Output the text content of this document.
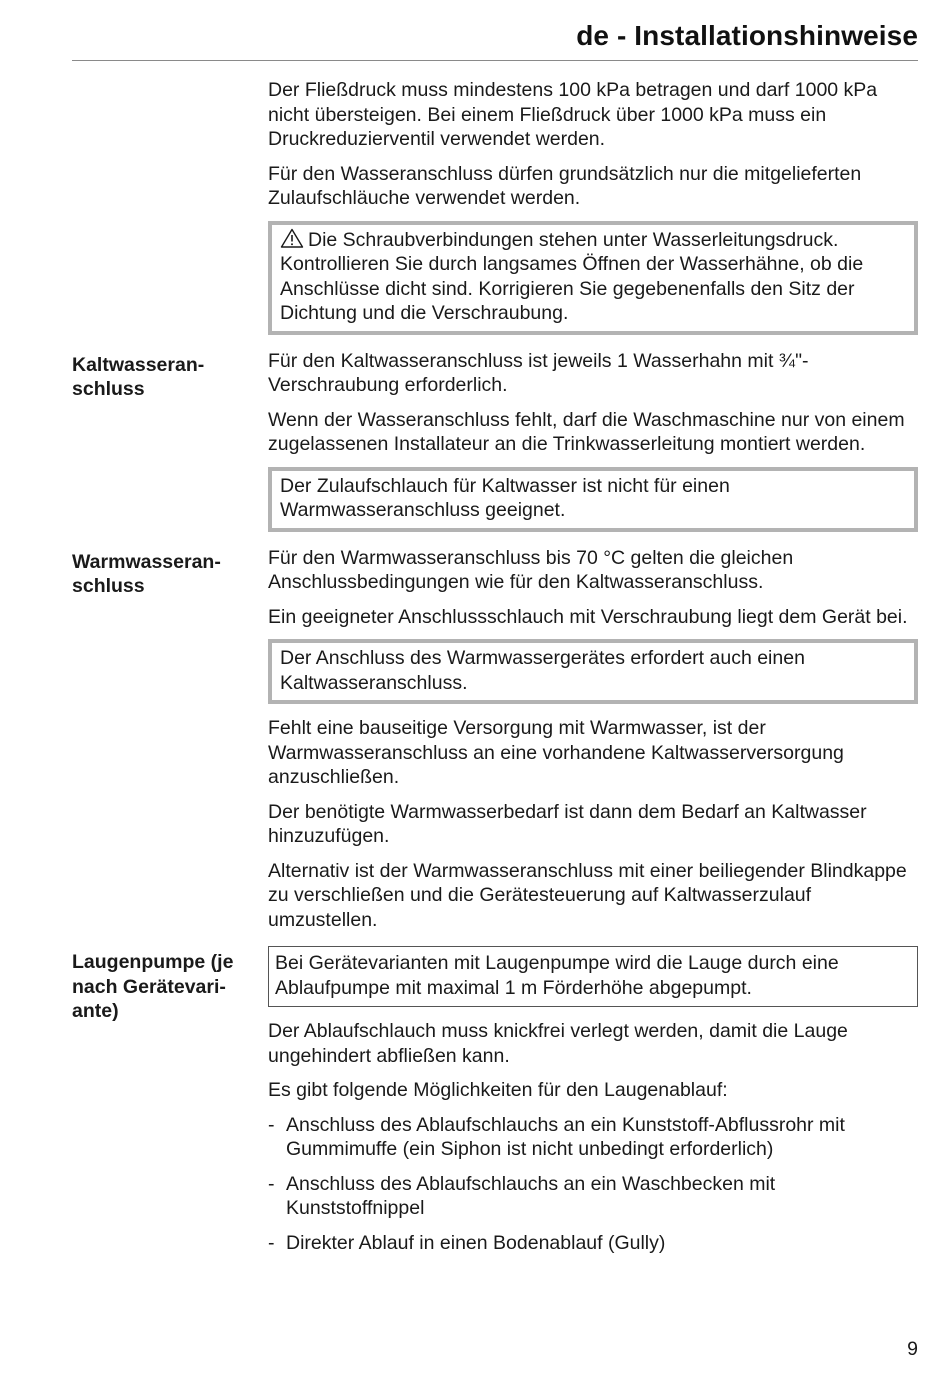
de - Installationshinweise

Der Fließdruck muss mindestens 100 kPa betragen und darf 1000 kPa nicht übersteigen. Bei einem Fließdruck über 1000 kPa muss ein Druckreduzierventil verwendet werden.

Für den Wasseranschluss dürfen grundsätzlich nur die mitgelieferten Zulaufschläuche verwendet werden.

Die Schraubverbindungen stehen unter Wasserleitungsdruck. Kontrollieren Sie durch langsames Öffnen der Wasserhähne, ob die Anschlüsse dicht sind. Korrigieren Sie gegebenenfalls den Sitz der Dichtung und die Verschraubung.
Kaltwasseran-
schluss

Für den Kaltwasseranschluss ist jeweils 1 Wasserhahn mit ¾"-Verschraubung erforderlich.

Wenn der Wasseranschluss fehlt, darf die Waschmaschine nur von einem zugelassenen Installateur an die Trinkwasserleitung montiert werden.

Der Zulaufschlauch für Kaltwasser ist nicht für einen Warmwasseranschluss geeignet.
Warmwasseran-
schluss

Für den Warmwasseranschluss bis 70 °C gelten die gleichen Anschlussbedingungen wie für den Kaltwasseranschluss.

Ein geeigneter Anschlussschlauch mit Verschraubung liegt dem Gerät bei.

Der Anschluss des Warmwassergerätes erfordert auch einen Kaltwasseranschluss.

Fehlt eine bauseitige Versorgung mit Warmwasser, ist der Warmwasseranschluss an eine vorhandene Kaltwasserversorgung anzuschließen.

Der benötigte Warmwasserbedarf ist dann dem Bedarf an Kaltwasser hinzuzufügen.

Alternativ ist der Warmwasseranschluss mit einer beiliegender Blindkappe zu verschließen und die Gerätesteuerung auf Kaltwasserzulauf umzustellen.

Laugenpumpe (je
nach Gerätevari-
ante)
Bei Gerätevarianten mit Laugenpumpe wird die Lauge durch eine Ablaufpumpe mit maximal 1 m Förderhöhe abgepumpt.

Der Ablaufschlauch muss knickfrei verlegt werden, damit die Lauge ungehindert abfließen kann.

Es gibt folgende Möglichkeiten für den Laugenablauf:

- Anschluss des Ablaufschlauchs an ein Kunststoff-Abflussrohr mit Gummimuffe (ein Siphon ist nicht unbedingt erforderlich)
- Anschluss des Ablaufschlauchs an ein Waschbecken mit Kunststoffnippel
- Direkter Ablauf in einen Bodenablauf (Gully)
9
